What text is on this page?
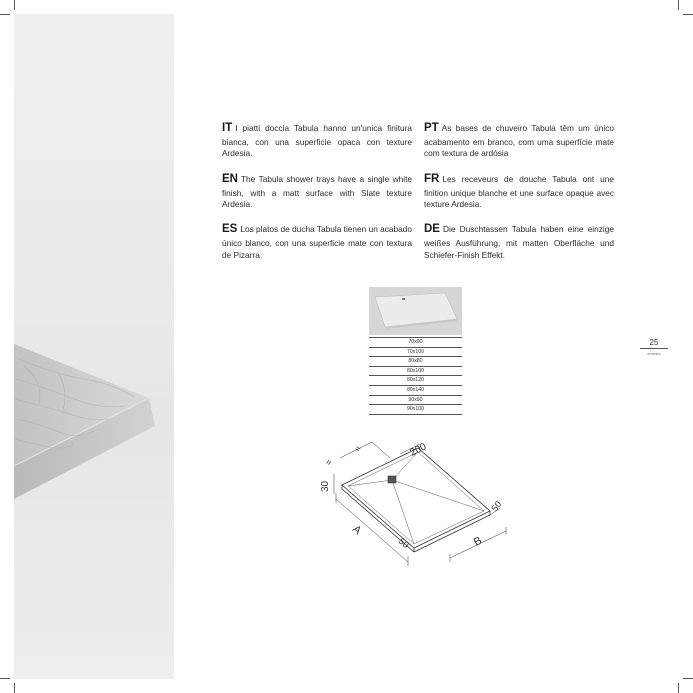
IT I piatti doccia Tabula hanno un'unica finitura bianca, con una superficie opaca con texture Ardesia.

EN The Tabula shower trays have a single white finish, with a matt surface with Slate texture Ardesia.

ES Los platos de ducha Tabula tienen un acabado único blanco, con una superficie mate con textura de Pizarra.

PT As bases de chuveiro Tabula têm um único acabamento em branco, com uma superfície mate com textura de ardósia

FR Les receveurs de douche Tabula ont une finition unique blanche et une surface opaque avec texture Ardesia.

DE Die Duschtassen Tabula haben eine einzige weißes Ausführung, mit matten Oberfläche und Schiefer-Finish Effekt.

70x90
70x100
80x80
80x100
80x120
80x140
90x90
90x100
25
ernesto
200
30
A
50	B
50
=
=
